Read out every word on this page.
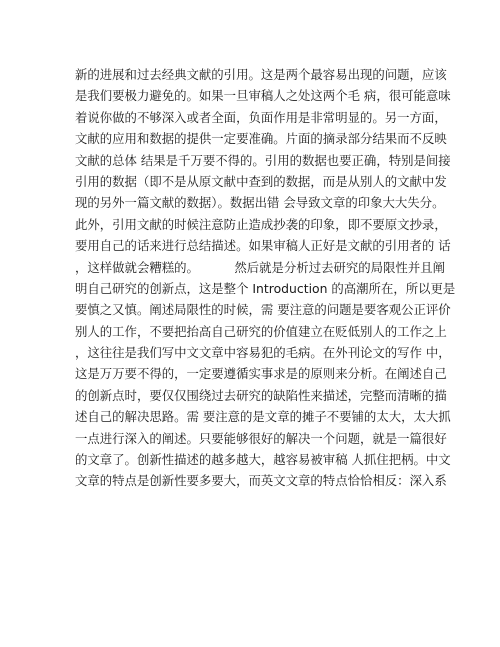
新的进展和过去经典文献的引用。这是两个最容易出现的问题，应该
是我们要极力避免的。如果一旦审稿人之处这两个毛 病，很可能意味
着说你做的不够深入或者全面，负面作用是非常明显的。另一方面，
文献的应用和数据的提供一定要准确。片面的摘录部分结果而不反映
文献的总体 结果是千万要不得的。引用的数据也要正确，特别是间接
引用的数据（即不是从原文献中查到的数据，而是从别人的文献中发
现的另外一篇文献的数据）。数据出错 会导致文章的印象大大失分。
此外，引用文献的时候注意防止造成抄袭的印象，即不要原文抄录，
要用自己的话来进行总结描述。如果审稿人正好是文献的引用者的 话
，这样做就会糟糕的。         然后就是分析过去研究的局限性并且阐
明自己研究的创新点，这是整个 Introduction 的高潮所在，所以更是
要慎之又慎。阐述局限性的时候，需 要注意的问题是要客观公正评价
别人的工作，不要把抬高自己研究的价值建立在贬低别人的工作之上
，这往往是我们写中文文章中容易犯的毛病。在外刊论文的写作 中，
这是万万要不得的，一定要遵循实事求是的原则来分析。在阐述自己
的创新点时，要仅仅围绕过去研究的缺陷性来描述，完整而清晰的描
述自己的解决思路。需 要注意的是文章的摊子不要铺的太大，太大抓
一点进行深入的阐述。只要能够很好的解决一个问题，就是一篇很好
的文章了。创新性描述的越多越大，越容易被审稿 人抓住把柄。中文
文章的特点是创新性要多要大，而英文文章的特点恰恰相反：深入系
